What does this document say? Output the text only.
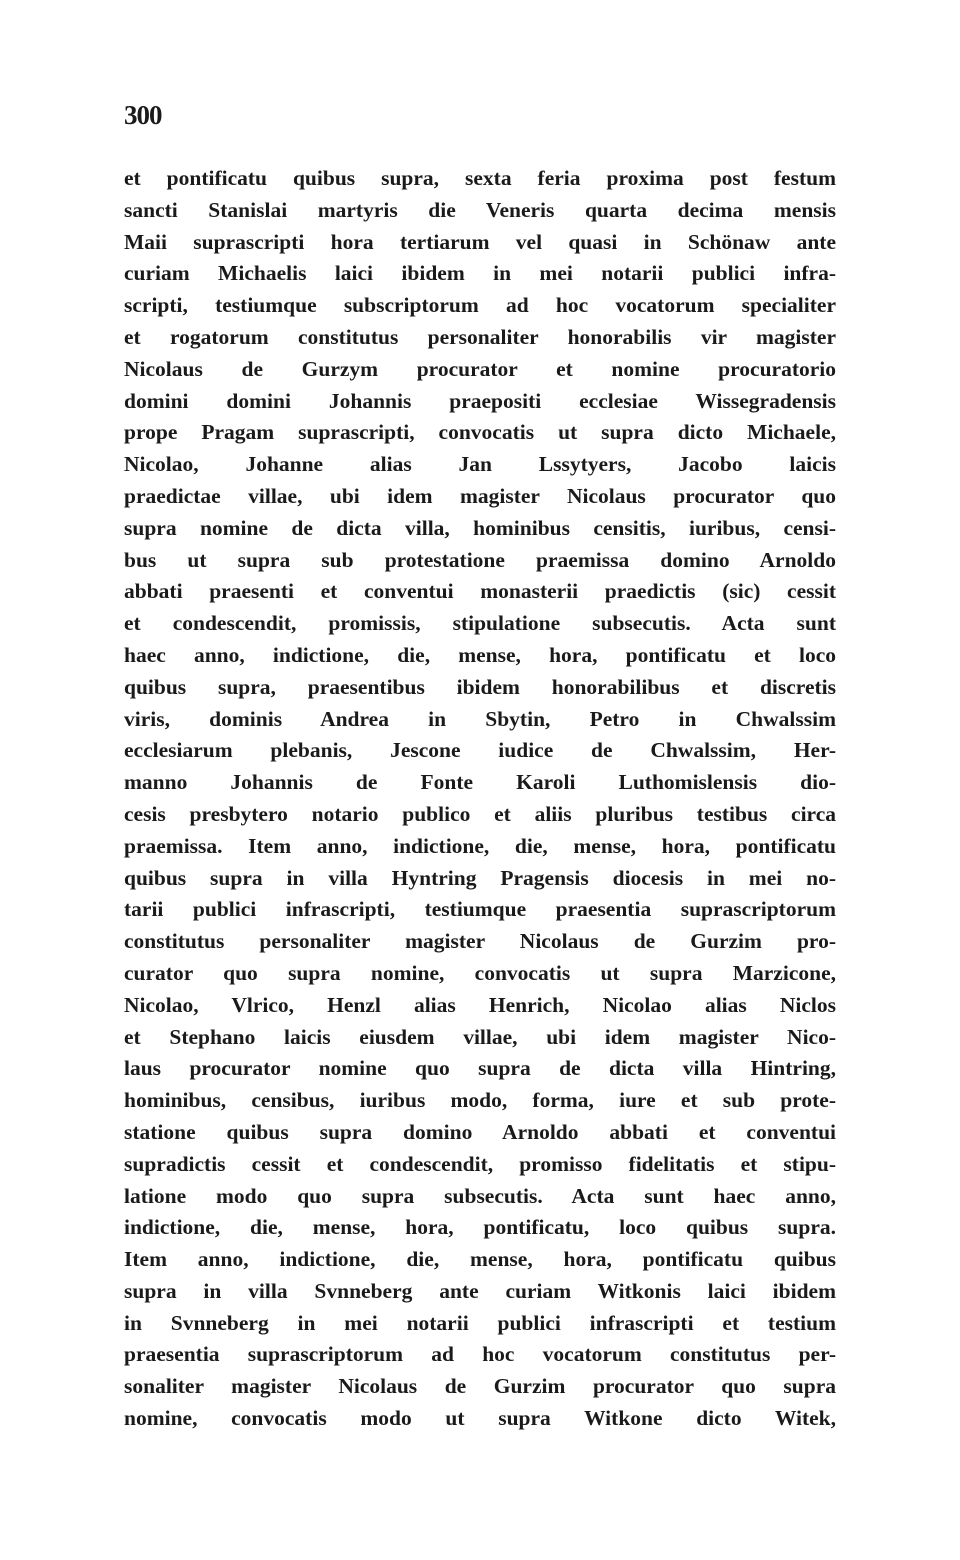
300
et pontificatu quibus supra, sexta feria proxima post festum
sancti Stanislai martyris die Veneris quarta decima mensis
Maii suprascripti hora tertiarum vel quasi in Schönaw ante
curiam Michaelis laici ibidem in mei notarii publici infra-
scripti, testiumque subscriptorum ad hoc vocatorum specialiter
et rogatorum constitutus personaliter honorabilis vir magister
Nicolaus de Gurzym procurator et nomine procuratorio
domini domini Johannis praepositi ecclesiae Wissegradensis
prope Pragam suprascripti, convocatis ut supra dicto Michaele,
Nicolao, Johanne alias Jan Lssytyers, Jacobo laicis
praedictae villae, ubi idem magister Nicolaus procurator quo
supra nomine de dicta villa, hominibus censitis, iuribus, censi-
bus ut supra sub protestatione praemissa domino Arnoldo
abbati praesenti et conventui monasterii praedictis (sic) cessit
et condescendit, promissis, stipulatione subsecutis. Acta sunt
haec anno, indictione, die, mense, hora, pontificatu et loco
quibus supra, praesentibus ibidem honorabilibus et discretis
viris, dominis Andrea in Sbytin, Petro in Chwalssim
ecclesiarum plebanis, Jescone iudice de Chwalssim, Her-
manno Johannis de Fonte Karoli Luthomislensis dio-
cesis presbytero notario publico et aliis pluribus testibus circa
praemissa. Item anno, indictione, die, mense, hora, pontificatu
quibus supra in villa Hyntring Pragensis diocesis in mei no-
tarii publici infrascripti, testiumque praesentia suprascriptorum
constitutus personaliter magister Nicolaus de Gurzim pro-
curator quo supra nomine, convocatis ut supra Marzicone,
Nicolao, Vlrico, Henzl alias Henrich, Nicolao alias Niclos
et Stephano laicis eiusdem villae, ubi idem magister Nico-
laus procurator nomine quo supra de dicta villa Hintring,
hominibus, censibus, iuribus modo, forma, iure et sub prote-
statione quibus supra domino Arnoldo abbati et conventui
supradictis cessit et condescendit, promisso fidelitatis et stipu-
latione modo quo supra subsecutis. Acta sunt haec anno,
indictione, die, mense, hora, pontificatu, loco quibus supra.
Item anno, indictione, die, mense, hora, pontificatu quibus
supra in villa Svnneberg ante curiam Witkonis laici ibidem
in Svnneberg in mei notarii publici infrascripti et testium
praesentia suprascriptorum ad hoc vocatorum constitutus per-
sonaliter magister Nicolaus de Gurzim procurator quo supra
nomine, convocatis modo ut supra Witkone dicto Witek,
